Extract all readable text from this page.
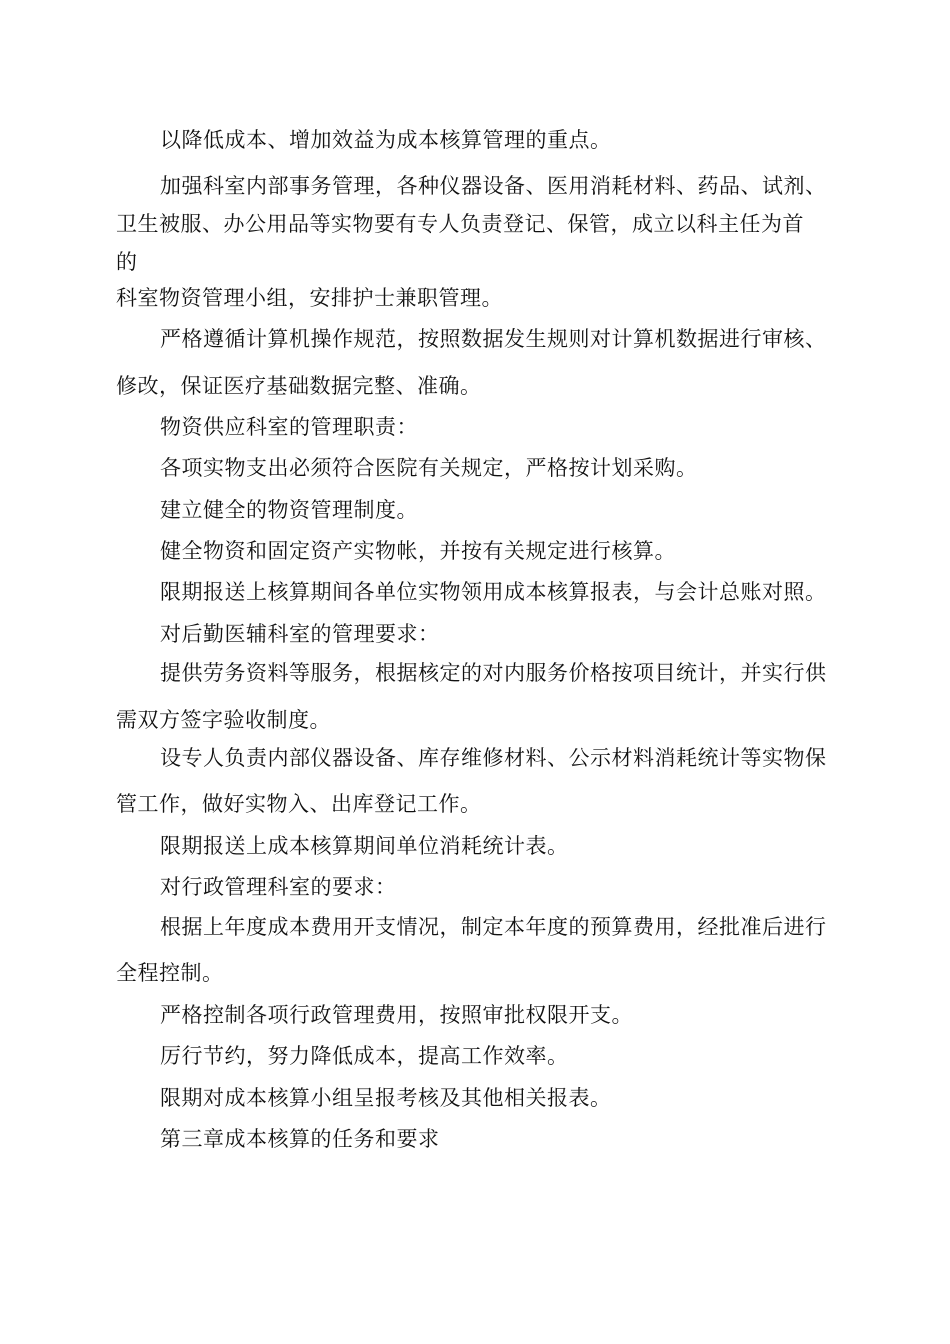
以降低成本、增加效益为成本核算管理的重点。
加强科室内部事务管理，各种仪器设备、医用消耗材料、药品、试剂、
卫生被服、办公用品等实物要有专人负责登记、保管，成立以科主任为首
的
科室物资管理小组，安排护士兼职管理。
严格遵循计算机操作规范，按照数据发生规则对计算机数据进行审核、
修改，保证医疗基础数据完整、准确。
物资供应科室的管理职责：
各项实物支出必须符合医院有关规定，严格按计划采购。
建立健全的物资管理制度。
健全物资和固定资产实物帐，并按有关规定进行核算。
限期报送上核算期间各单位实物领用成本核算报表，与会计总账对照。
对后勤医辅科室的管理要求：
提供劳务资料等服务，根据核定的对内服务价格按项目统计，并实行供
需双方签字验收制度。
设专人负责内部仪器设备、库存维修材料、公示材料消耗统计等实物保
管工作，做好实物入、出库登记工作。
限期报送上成本核算期间单位消耗统计表。
对行政管理科室的要求：
根据上年度成本费用开支情况，制定本年度的预算费用，经批准后进行
全程控制。
严格控制各项行政管理费用，按照审批权限开支。
厉行节约，努力降低成本，提高工作效率。
限期对成本核算小组呈报考核及其他相关报表。
第三章成本核算的任务和要求
